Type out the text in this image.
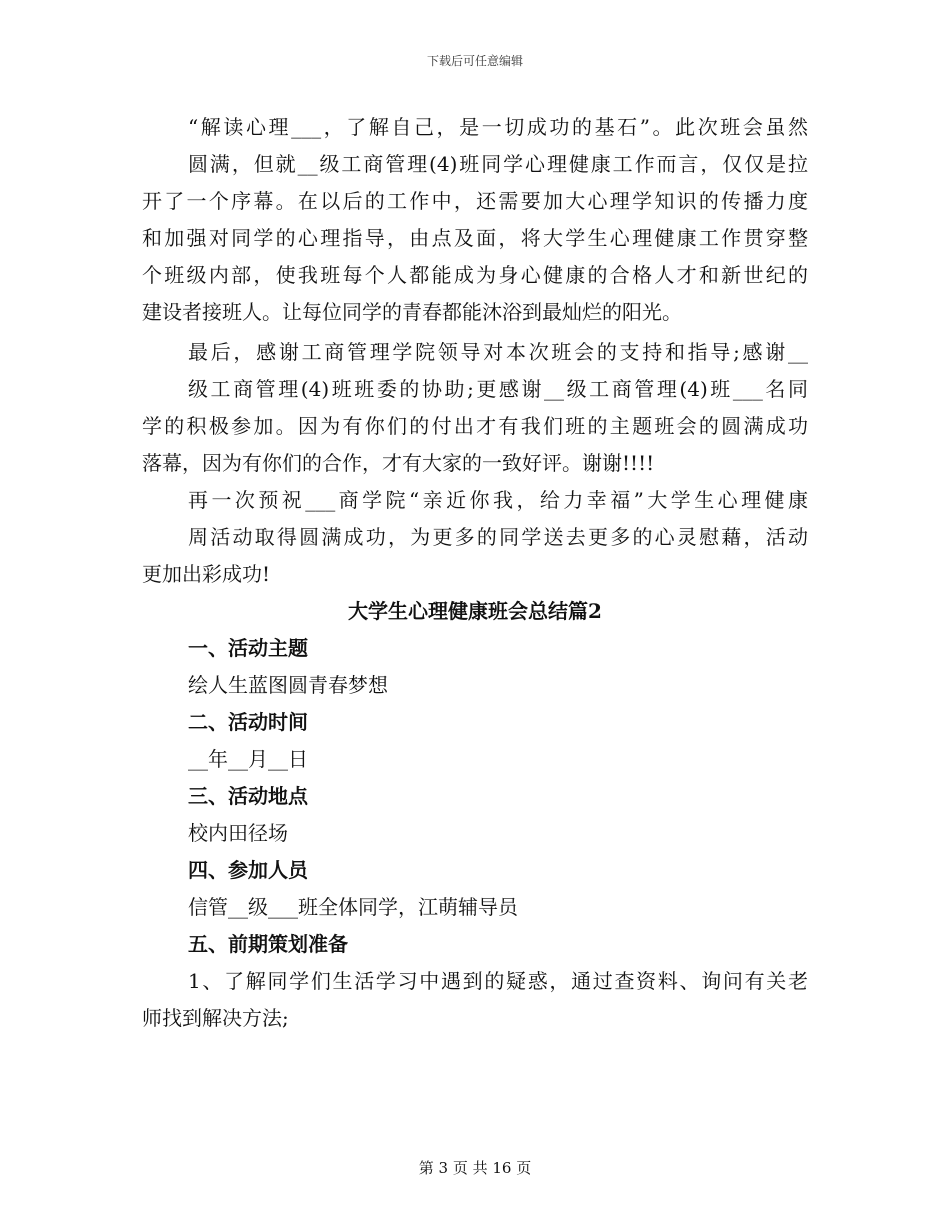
下载后可任意编辑
“解读心理___，了解自己，是一切成功的基石”。此次班会虽然
圆满，但就__级工商管理(4)班同学心理健康工作而言，仅仅是拉
开了一个序幕。在以后的工作中，还需要加大心理学知识的传播力度
和加强对同学的心理指导，由点及面，将大学生心理健康工作贯穿整
个班级内部，使我班每个人都能成为身心健康的合格人才和新世纪的
建设者接班人。让每位同学的青春都能沐浴到最灿烂的阳光。
最后，感谢工商管理学院领导对本次班会的支持和指导;感谢__
级工商管理(4)班班委的协助;更感谢__级工商管理(4)班___名同
学的积极参加。因为有你们的付出才有我们班的主题班会的圆满成功
落幕，因为有你们的合作，才有大家的一致好评。谢谢!!!!
再一次预祝___商学院“亲近你我，给力幸福”大学生心理健康
周活动取得圆满成功，为更多的同学送去更多的心灵慰藉，活动
更加出彩成功!
大学生心理健康班会总结篇2
一、活动主题
绘人生蓝图圆青春梦想
二、活动时间
__年__月__日
三、活动地点
校内田径场
四、参加人员
信管__级___班全体同学，江萌辅导员
五、前期策划准备
1、了解同学们生活学习中遇到的疑惑，通过查资料、询问有关老
师找到解决方法;
第 3 页 共 16 页
